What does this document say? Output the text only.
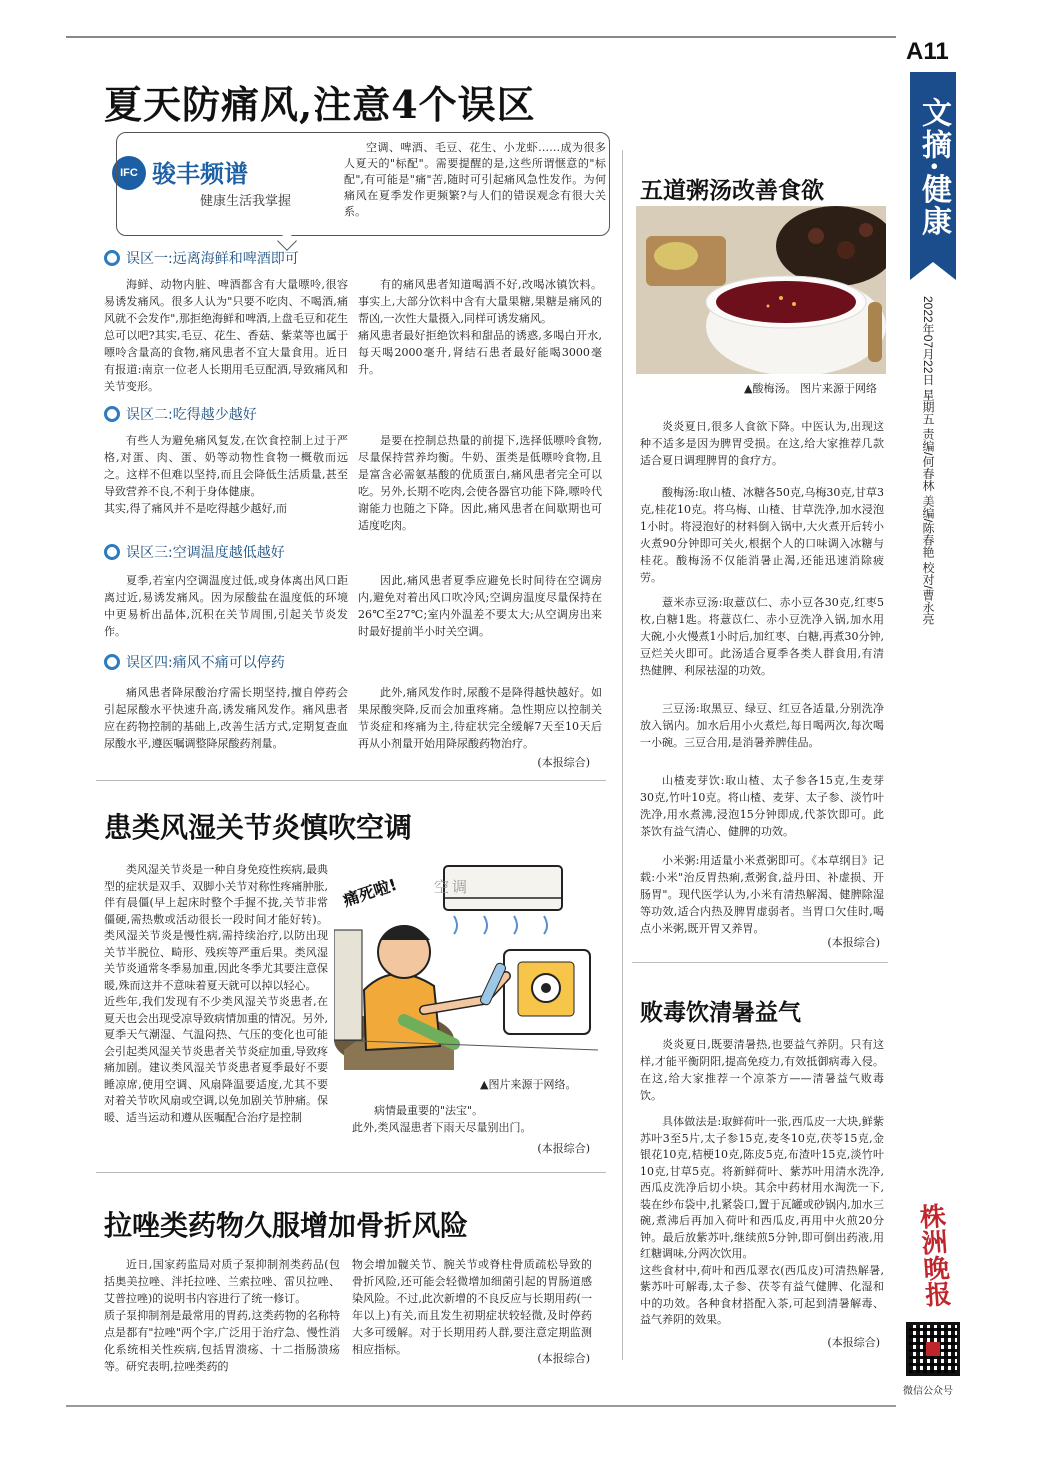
A11
文摘·健康
2022年07月22日 星期五 责编/何春林 美编/陈春艳 校对/曹永亮
株洲晚报
微信公众号
夏天防痛风,注意4个误区
IFC 骏丰频谱
健康生活我掌握
空调、啤酒、毛豆、花生、小龙虾……成为很多人夏天的"标配"。需要提醒的是,这些所谓惬意的"标配",有可能是"痛"苦,随时可引起痛风急性发作。为何痛风在夏季发作更频繁?与人们的错误观念有很大关系。
误区一:远离海鲜和啤酒即可
海鲜、动物内脏、啤酒都含有大量嘌呤,很容易诱发痛风。很多人认为"只要不吃肉、不喝酒,痛风就不会发作",那拒绝海鲜和啤酒,上盘毛豆和花生总可以吧?其实,毛豆、花生、香菇、紫菜等也属于嘌呤含量高的食物,痛风患者不宜大量食用。近日有报道:南京一位老人长期用毛豆配酒,导致痛风和关节变形。
有的痛风患者知道喝酒不好,改喝冰镇饮料。事实上,大部分饮料中含有大量果糖,果糖是痛风的帮凶,一次性大量摄入,同样可诱发痛风。
痛风患者最好拒绝饮料和甜品的诱惑,多喝白开水,每天喝2000毫升,肾结石患者最好能喝3000毫升。
误区二:吃得越少越好
有些人为避免痛风复发,在饮食控制上过于严格,对蛋、肉、蛋、奶等动物性食物一概敬而远之。这样不但难以坚持,而且会降低生活质量,甚至导致营养不良,不利于身体健康。
其实,得了痛风并不是吃得越少越好,而
是要在控制总热量的前提下,选择低嘌呤食物,尽量保持营养均衡。牛奶、蛋类是低嘌呤食物,且是富含必需氨基酸的优质蛋白,痛风患者完全可以吃。另外,长期不吃肉,会使各器官功能下降,嘌呤代谢能力也随之下降。因此,痛风患者在间歇期也可适度吃肉。
误区三:空调温度越低越好
夏季,若室内空调温度过低,或身体离出风口距离过近,易诱发痛风。因为尿酸盐在温度低的环境中更易析出晶体,沉积在关节周围,引起关节炎发作。
因此,痛风患者夏季应避免长时间待在空调房内,避免对着出风口吹冷风;空调房温度尽量保持在26℃至27℃;室内外温差不要太大;从空调房出来时最好提前半小时关空调。
误区四:痛风不痛可以停药
痛风患者降尿酸治疗需长期坚持,擅自停药会引起尿酸水平快速升高,诱发痛风发作。痛风患者应在药物控制的基础上,改善生活方式,定期复查血尿酸水平,遵医嘱调整降尿酸药剂量。
此外,痛风发作时,尿酸不是降得越快越好。如果尿酸突降,反而会加重疼痛。急性期应以控制关节炎症和疼痛为主,待症状完全缓解7天至10天后再从小剂量开始用降尿酸药物治疗。
(本报综合)
患类风湿关节炎慎吹空调
类风湿关节炎是一种自身免疫性疾病,最典型的症状是双手、双脚小关节对称性疼痛肿胀,伴有晨僵(早上起床时整个手握不拢,关节非常僵硬,需热敷或活动很长一段时间才能好转)。类风湿关节炎是慢性病,需持续治疗,以防出现关节半脱位、畸形、残疾等严重后果。类风湿关节炎通常冬季易加重,因此冬季尤其要注意保暖,殊而这并不意味着夏天就可以掉以轻心。
近些年,我们发现有不少类风湿关节炎患者,在夏天也会出现受凉导致病情加重的情况。另外,夏季天气潮湿、气温闷热、气压的变化也可能会引起类风湿关节炎患者关节炎症加重,导致疼痛加剧。建议类风湿关节炎患者夏季最好不要睡凉席,使用空调、风扇降温要适度,尤其不要对着关节吹风扇或空调,以免加剧关节肿痛。保暖、适当运动和遵从医嘱配合治疗是控制
痛死啦! 空调
▲图片来源于网络。
病情最重要的"法宝"。
此外,类风湿患者下雨天尽量别出门。
(本报综合)
拉唑类药物久服增加骨折风险
近日,国家药监局对质子泵抑制剂类药品(包括奥美拉唑、泮托拉唑、兰索拉唑、雷贝拉唑、艾普拉唑)的说明书内容进行了统一修订。
质子泵抑制剂是最常用的胃药,这类药物的名称特点是都有"拉唑"两个字,广泛用于治疗急、慢性消化系统相关性疾病,包括胃溃疡、十二指肠溃疡等。研究表明,拉唑类药的
物会增加髋关节、腕关节或脊柱骨质疏松导致的骨折风险,还可能会轻微增加细菌引起的胃肠道感染风险。不过,此次新增的不良反应与长期用药(一年以上)有关,而且发生初期症状较轻微,及时停药大多可缓解。对于长期用药人群,要注意定期监测相应指标。
(本报综合)
五道粥汤改善食欲
▲酸梅汤。 图片来源于网络
炎炎夏日,很多人食欲下降。中医认为,出现这种不适多是因为脾胃受损。在这,给大家推荐几款适合夏日调理脾胃的食疗方。
酸梅汤:取山楂、冰糖各50克,乌梅30克,甘草3克,桂花10克。将乌梅、山楂、甘草洗净,加水浸泡1小时。将浸泡好的材料倒入锅中,大火煮开后转小火煮90分钟即可关火,根据个人的口味调入冰糖与桂花。酸梅汤不仅能消暑止渴,还能迅速消除疲劳。
薏米赤豆汤:取薏苡仁、赤小豆各30克,红枣5枚,白糖1匙。将薏苡仁、赤小豆洗净入锅,加水用大碗,小火慢煮1小时后,加红枣、白糖,再煮30分钟,豆烂关火即可。此汤适合夏季各类人群食用,有清热健脾、利尿祛湿的功效。
三豆汤:取黑豆、绿豆、红豆各适量,分别洗净放入锅内。加水后用小火煮烂,每日喝两次,每次喝一小碗。三豆合用,是消暑养脾佳品。
山楂麦芽饮:取山楂、太子参各15克,生麦芽30克,竹叶10克。将山楂、麦芽、太子参、淡竹叶洗净,用水煮沸,浸泡15分钟即成,代茶饮即可。此茶饮有益气清心、健脾的功效。
小米粥:用适量小米煮粥即可。《本草纲目》记载:小米"治反胃热痢,煮粥食,益丹田、补虚损、开肠胃"。现代医学认为,小米有清热解渴、健脾除湿等功效,适合内热及脾胃虚弱者。当胃口欠佳时,喝点小米粥,既开胃又养胃。
(本报综合)
败毒饮清暑益气
炎炎夏日,既要清暑热,也要益气养阴。只有这样,才能平衡阴阳,提高免疫力,有效抵御病毒入侵。在这,给大家推荐一个凉茶方——清暑益气败毒饮。
具体做法是:取鲜荷叶一张,西瓜皮一大块,鲜紫苏叶3至5片,太子参15克,麦冬10克,茯苓15克,金银花10克,桔梗10克,陈皮5克,布渣叶15克,淡竹叶10克,甘草5克。将新鲜荷叶、紫苏叶用清水洗净,西瓜皮洗净后切小块。其余中药材用水淘洗一下,装在纱布袋中,扎紧袋口,置于瓦罐或砂锅内,加水三碗,煮沸后再加入荷叶和西瓜皮,再用中火煎20分钟。最后放紫苏叶,继续煎5分钟,即可倒出药液,用红糖调味,分两次饮用。
这些食材中,荷叶和西瓜翠衣(西瓜皮)可清热解暑,紫苏叶可解毒,太子参、茯苓有益气健脾、化湿和中的功效。各种食材搭配入茶,可起到清暑解毒、益气养阴的效果。
(本报综合)
